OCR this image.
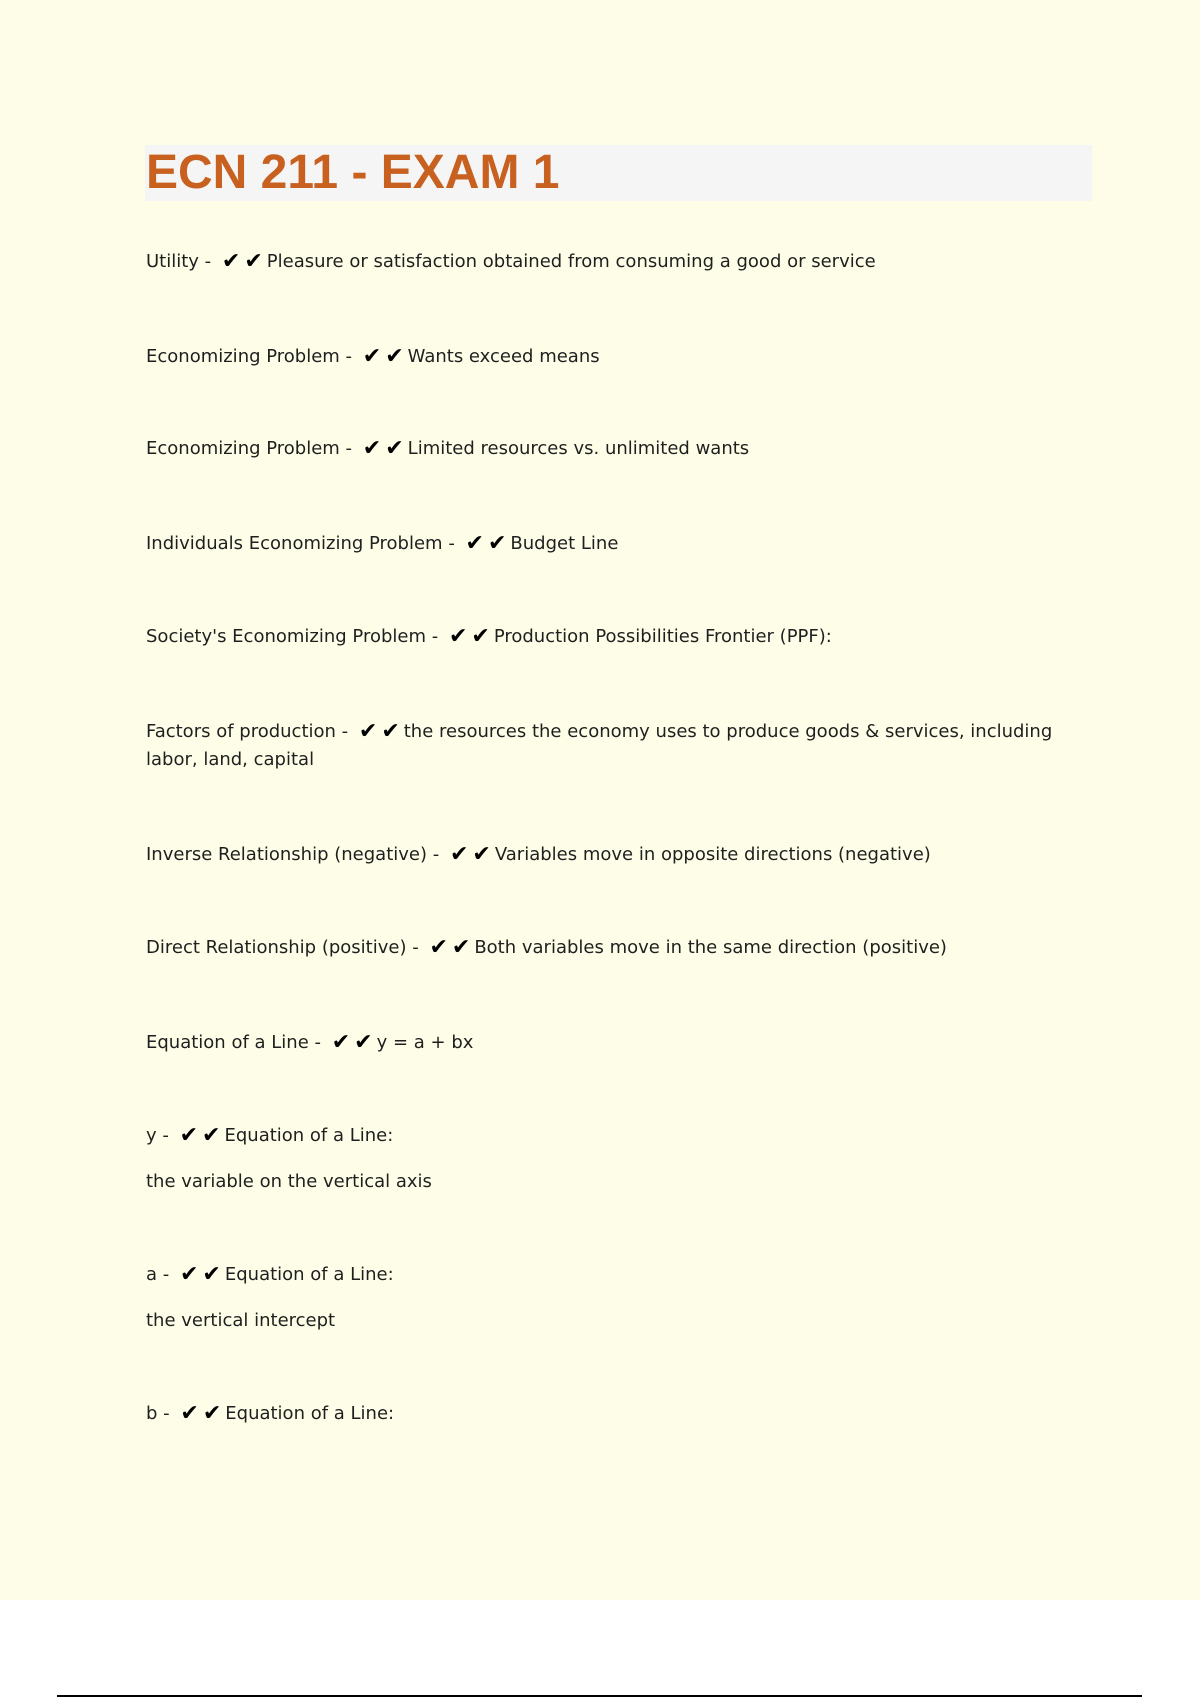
ECN 211 - EXAM 1
Utility - ✔ ✔ Pleasure or satisfaction obtained from consuming a good or service
Economizing Problem - ✔ ✔ Wants exceed means
Economizing Problem - ✔ ✔ Limited resources vs. unlimited wants
Individuals Economizing Problem - ✔ ✔ Budget Line
Society's Economizing Problem - ✔ ✔ Production Possibilities Frontier (PPF):
Factors of production - ✔ ✔ the resources the economy uses to produce goods & services, including labor, land, capital
Inverse Relationship (negative) - ✔ ✔ Variables move in opposite directions (negative)
Direct Relationship (positive) - ✔ ✔ Both variables move in the same direction (positive)
Equation of a Line - ✔ ✔ y = a + bx
y - ✔ ✔ Equation of a Line:
the variable on the vertical axis
a - ✔ ✔ Equation of a Line:
the vertical intercept
b - ✔ ✔ Equation of a Line:
